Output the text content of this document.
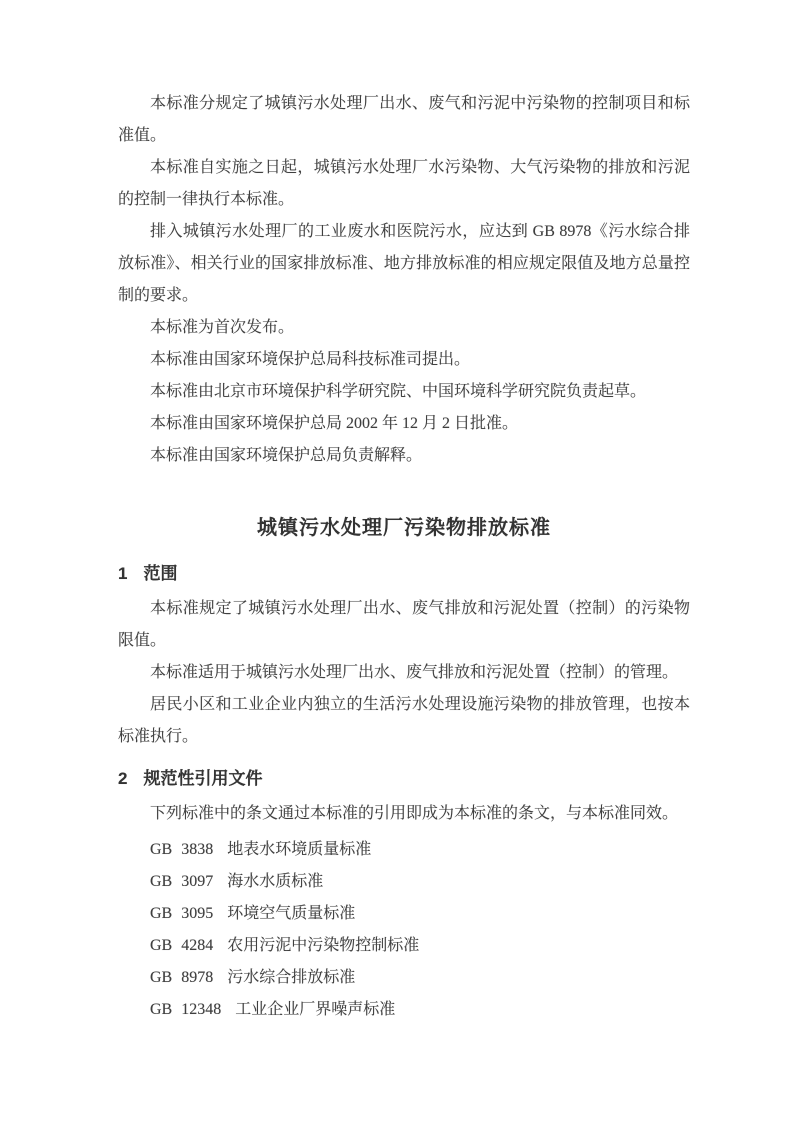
本标准分规定了城镇污水处理厂出水、废气和污泥中污染物的控制项目和标准值。

本标准自实施之日起，城镇污水处理厂水污染物、大气污染物的排放和污泥的控制一律执行本标准。

排入城镇污水处理厂的工业废水和医院污水，应达到 GB 8978《污水综合排放标准》、相关行业的国家排放标准、地方排放标准的相应规定限值及地方总量控制的要求。

本标准为首次发布。

本标准由国家环境保护总局科技标准司提出。

本标准由北京市环境保护科学研究院、中国环境科学研究院负责起草。

本标准由国家环境保护总局 2002 年 12 月 2 日批准。

本标准由国家环境保护总局负责解释。

城镇污水处理厂污染物排放标准
1 范围

本标准规定了城镇污水处理厂出水、废气排放和污泥处置（控制）的污染物限值。

本标准适用于城镇污水处理厂出水、废气排放和污泥处置（控制）的管理。

居民小区和工业企业内独立的生活污水处理设施污染物的排放管理，也按本标准执行。

2 规范性引用文件

下列标准中的条文通过本标准的引用即成为本标准的条文，与本标准同效。

GB 3838 地表水环境质量标准

GB 3097 海水水质标准

GB 3095 环境空气质量标准

GB 4284 农用污泥中污染物控制标准

GB 8978 污水综合排放标准

GB 12348 工业企业厂界噪声标准
